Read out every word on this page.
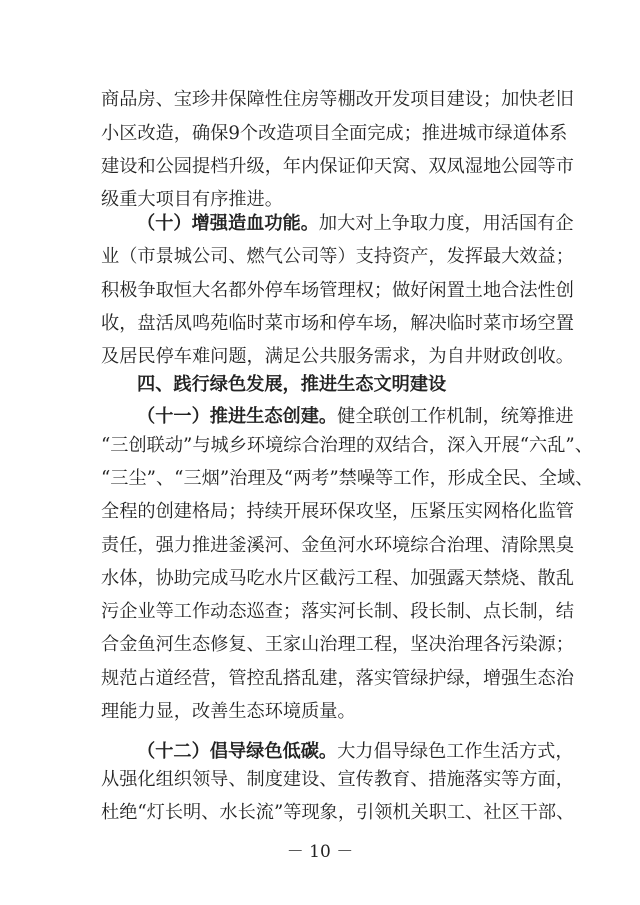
商品房、宝珍井保障性住房等棚改开发项目建设；加快老旧
小区改造，确保9个改造项目全面完成；推进城市绿道体系
建设和公园提档升级，年内保证仰天窝、双凤湿地公园等市
级重大项目有序推进。
（十）增强造血功能。加大对上争取力度，用活国有企
业（市景城公司、燃气公司等）支持资产，发挥最大效益；
积极争取恒大名都外停车场管理权；做好闲置土地合法性创
收，盘活凤鸣苑临时菜市场和停车场，解决临时菜市场空置
及居民停车难问题，满足公共服务需求，为自井财政创收。
四、践行绿色发展，推进生态文明建设
（十一）推进生态创建。健全联创工作机制，统筹推进
“三创联动”与城乡环境综合治理的双结合，深入开展“六乱”、
“三尘”、“三烟”治理及“两考”禁噪等工作，形成全民、全域、
全程的创建格局；持续开展环保攻坚，压紧压实网格化监管
责任，强力推进釜溪河、金鱼河水环境综合治理、清除黑臭
水体，协助完成马吃水片区截污工程、加强露天禁烧、散乱
污企业等工作动态巡查；落实河长制、段长制、点长制，结
合金鱼河生态修复、王家山治理工程，坚决治理各污染源；
规范占道经营，管控乱搭乱建，落实管绿护绿，增强生态治
理能力显，改善生态环境质量。
（十二）倡导绿色低碳。大力倡导绿色工作生活方式，
从强化组织领导、制度建设、宣传教育、措施落实等方面，
杜绝“灯长明、水长流”等现象，引领机关职工、社区干部、
－ 10 －
